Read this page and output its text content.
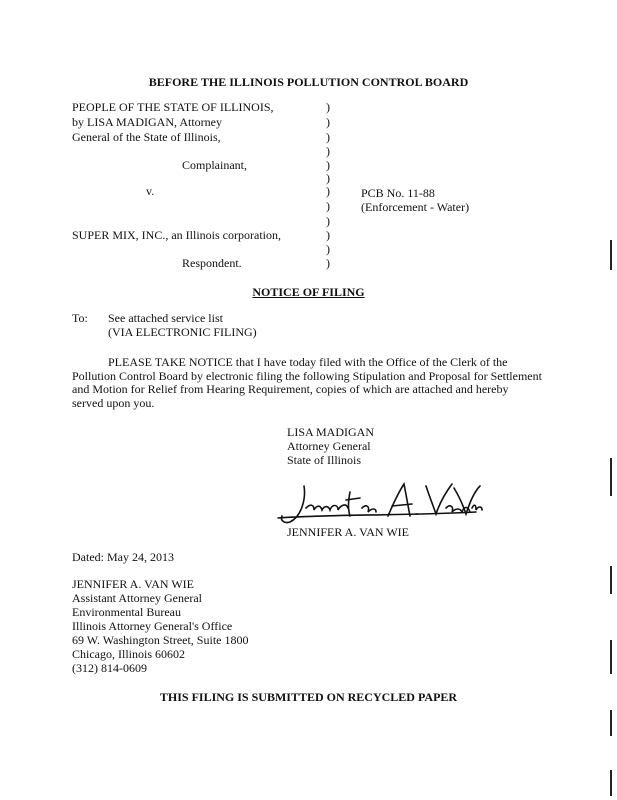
BEFORE THE ILLINOIS POLLUTION CONTROL BOARD
PEOPLE OF THE STATE OF ILLINOIS,
by LISA MADIGAN, Attorney
General of the State of Illinois,
Complainant,
v.
SUPER MIX, INC., an Illinois corporation,
Respondent.
)
)
)
)
)
)
)
)
)
)
)
)
PCB No. 11-88
(Enforcement - Water)
NOTICE OF FILING
To: See attached service list
(VIA ELECTRONIC FILING)
PLEASE TAKE NOTICE that I have today filed with the Office of the Clerk of the Pollution Control Board by electronic filing the following Stipulation and Proposal for Settlement and Motion for Relief from Hearing Requirement, copies of which are attached and hereby served upon you.
LISA MADIGAN
Attorney General
State of Illinois
JENNIFER A. VAN WIE
Dated: May 24, 2013
JENNIFER A. VAN WIE
Assistant Attorney General
Environmental Bureau
Illinois Attorney General's Office
69 W. Washington Street, Suite 1800
Chicago, Illinois 60602
(312) 814-0609
THIS FILING IS SUBMITTED ON RECYCLED PAPER
